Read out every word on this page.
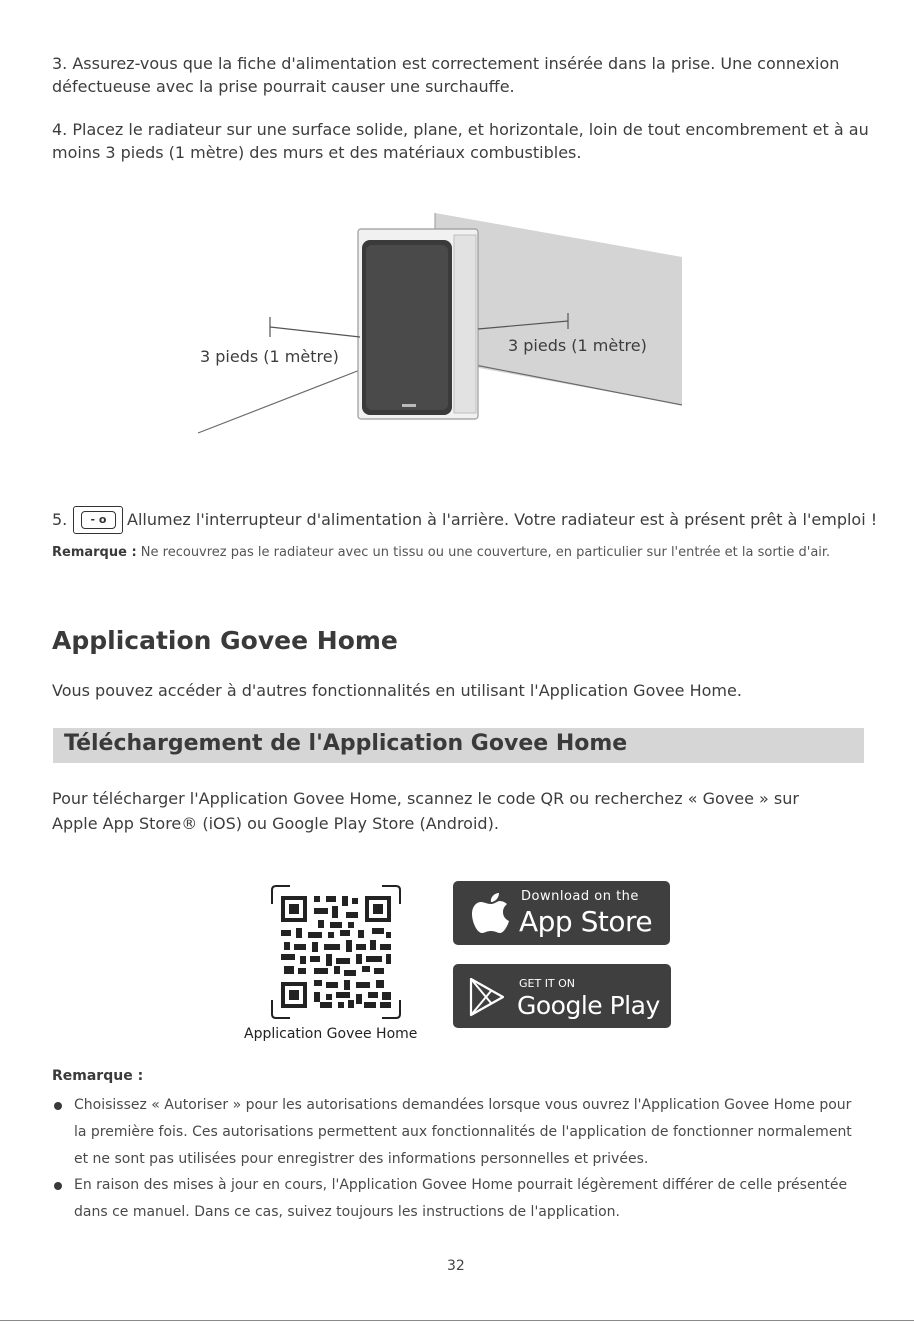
3. Assurez-vous que la fiche d'alimentation est correctement insérée dans la prise. Une connexion défectueuse avec la prise pourrait causer une surchauffe.

4. Placez le radiateur sur une surface solide, plane, et horizontale, loin de tout encombrement et à au moins 3 pieds (1 mètre) des murs et des matériaux combustibles.

3 pieds (1 mètre)
3 pieds (1 mètre)
5.	- o	Allumez l'interrupteur d'alimentation à l'arrière. Votre radiateur est à présent prêt à l'emploi !

Remarque : Ne recouvrez pas le radiateur avec un tissu ou une couverture, en particulier sur l'entrée et la sortie d'air.

Application Govee Home

Vous pouvez accéder à d'autres fonctionnalités en utilisant l'Application Govee Home.

Téléchargement de l'Application Govee Home

Pour télécharger l'Application Govee Home, scannez le code QR ou recherchez « Govee » sur Apple App Store® (iOS) ou Google Play Store (Android).

Application Govee Home
Download on the
App Store
GET IT ON
Google Play

Remarque :

Choisissez « Autoriser » pour les autorisations demandées lorsque vous ouvrez l'Application Govee Home pour la première fois. Ces autorisations permettent aux fonctionnalités de l'application de fonctionner normalement et ne sont pas utilisées pour enregistrer des informations personnelles et privées.
En raison des mises à jour en cours, l'Application Govee Home pourrait légèrement différer de celle présentée dans ce manuel. Dans ce cas, suivez toujours les instructions de l'application.
32
